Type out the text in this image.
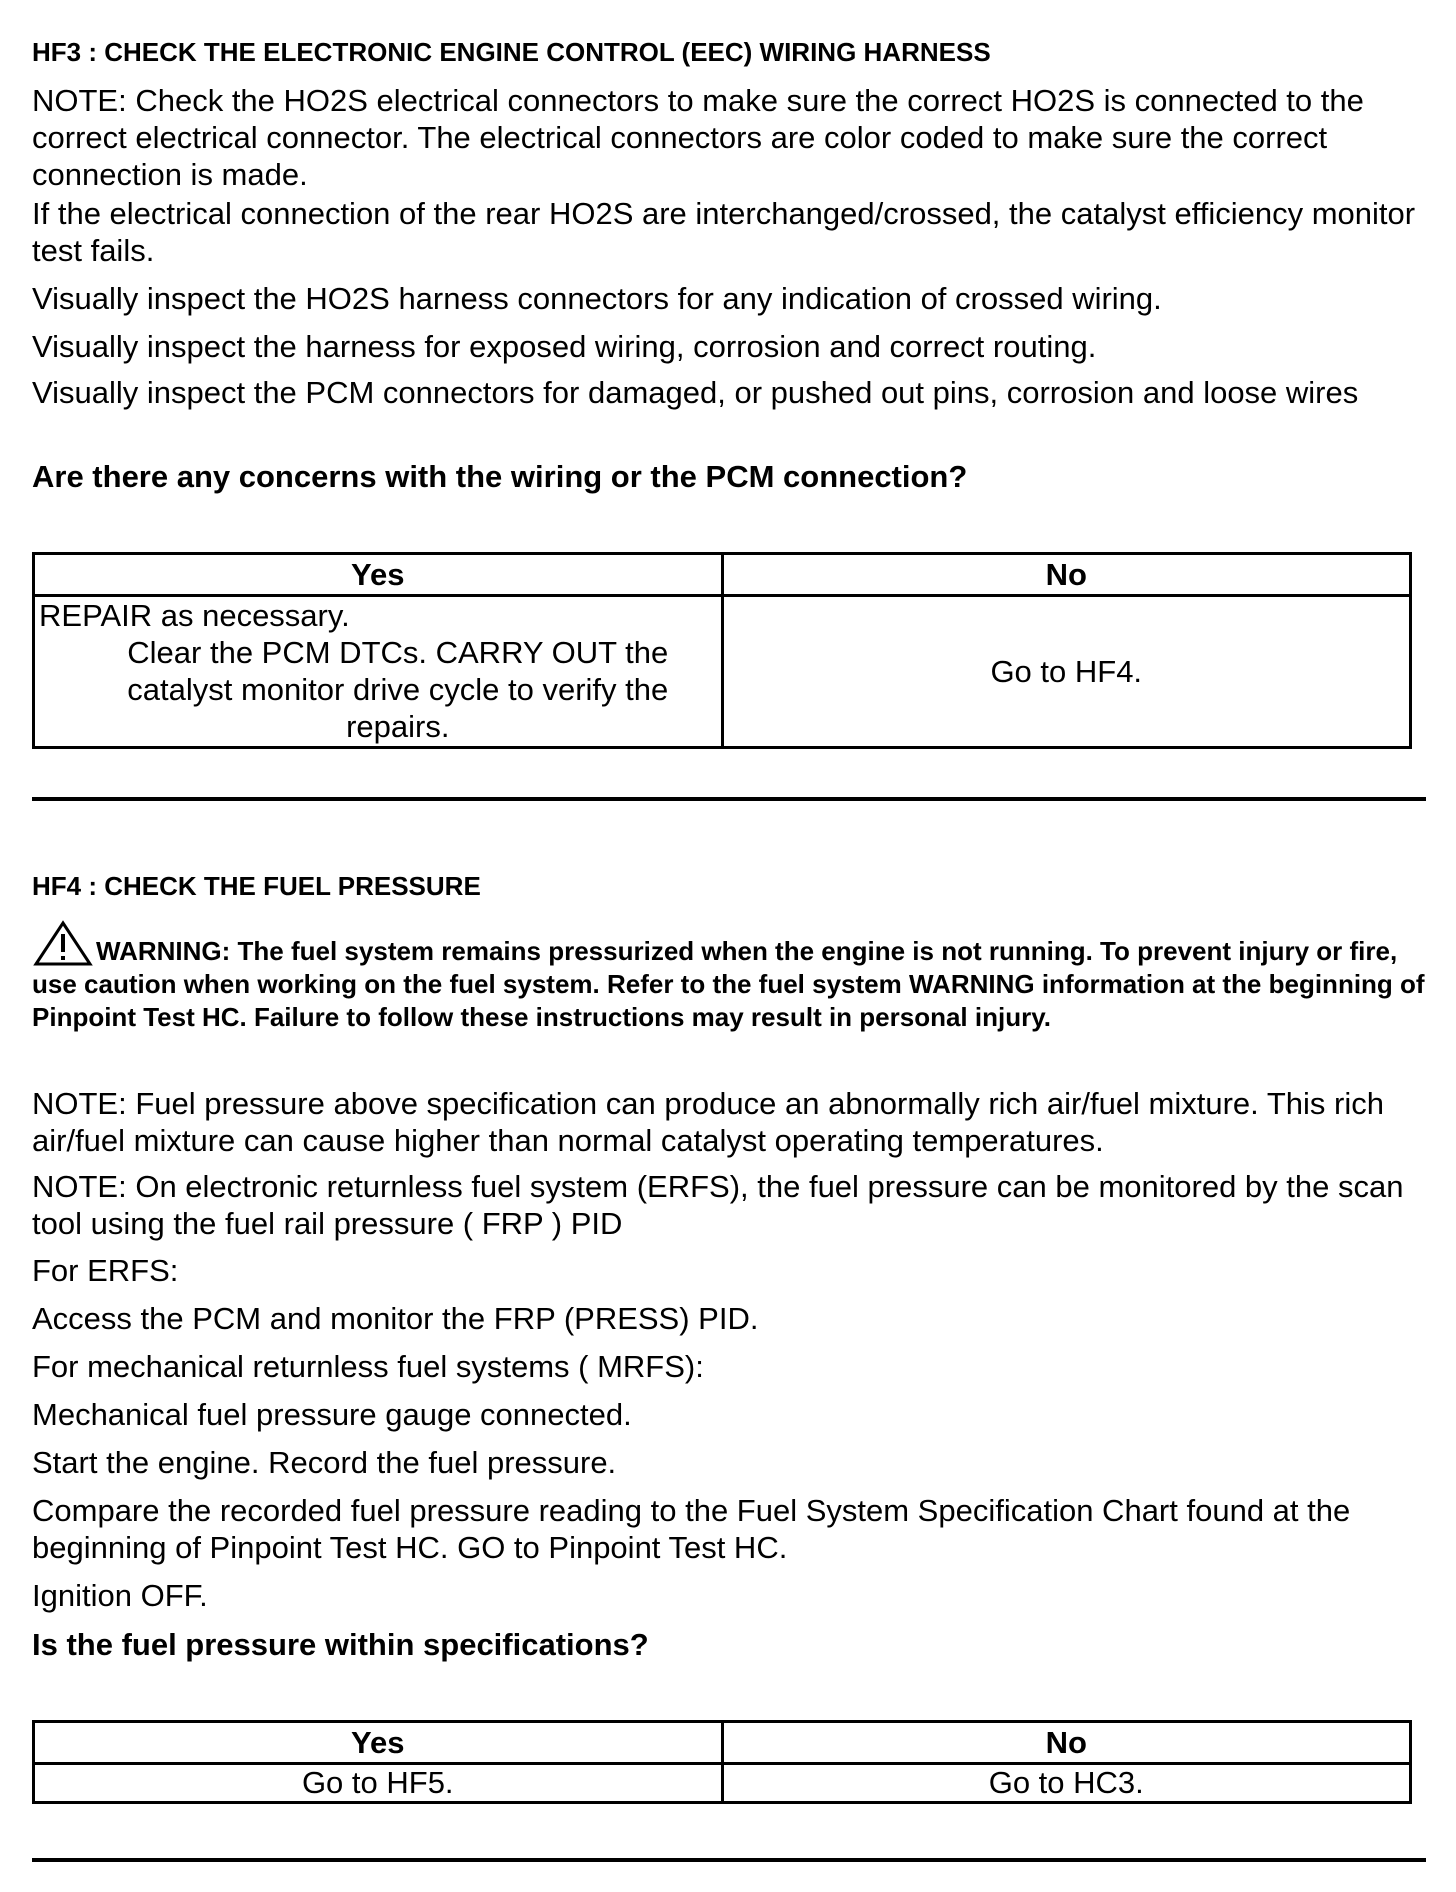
HF3 : CHECK THE ELECTRONIC ENGINE CONTROL (EEC) WIRING HARNESS

NOTE: Check the HO2S electrical connectors to make sure the correct HO2S is connected to the correct electrical connector. The electrical connectors are color coded to make sure the correct connection is made.

If the electrical connection of the rear HO2S are interchanged/crossed, the catalyst efficiency monitor test fails.

Visually inspect the HO2S harness connectors for any indication of crossed wiring.

Visually inspect the harness for exposed wiring, corrosion and correct routing.

Visually inspect the PCM connectors for damaged, or pushed out pins, corrosion and loose wires

Are there any concerns with the wiring or the PCM connection?

Yes	No

REPAIR as necessary.
Clear the PCM DTCs. CARRY OUT the catalyst monitor drive cycle to verify the repairs.	Go to HF4.
HF4 : CHECK THE FUEL PRESSURE

WARNING: The fuel system remains pressurized when the engine is not running. To prevent injury or fire, use caution when working on the fuel system. Refer to the fuel system WARNING information at the beginning of Pinpoint Test HC. Failure to follow these instructions may result in personal injury.

NOTE: Fuel pressure above specification can produce an abnormally rich air/fuel mixture. This rich air/fuel mixture can cause higher than normal catalyst operating temperatures.

NOTE: On electronic returnless fuel system (ERFS), the fuel pressure can be monitored by the scan tool using the fuel rail pressure ( FRP ) PID

For ERFS:

Access the PCM and monitor the FRP (PRESS) PID.

For mechanical returnless fuel systems ( MRFS):

Mechanical fuel pressure gauge connected.

Start the engine. Record the fuel pressure.

Compare the recorded fuel pressure reading to the Fuel System Specification Chart found at the beginning of Pinpoint Test HC. GO to Pinpoint Test HC.

Ignition OFF.

Is the fuel pressure within specifications?

Yes	No
Go to HF5.	Go to HC3.
